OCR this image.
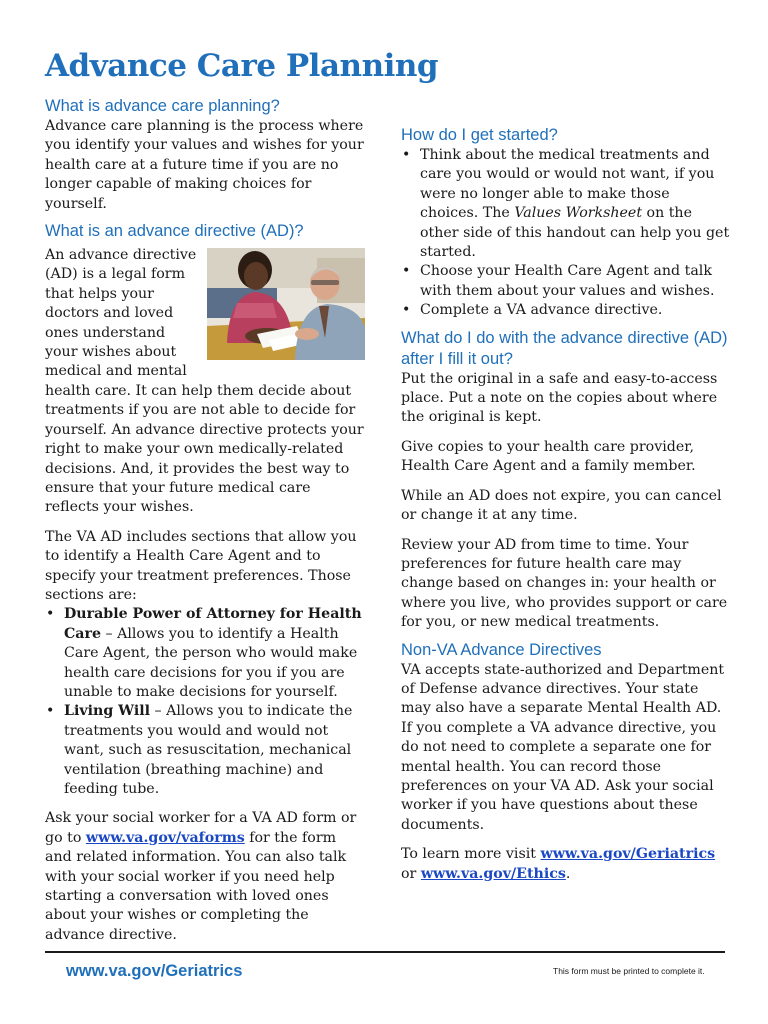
Advance Care Planning
What is advance care planning?

Advance care planning is the process where you identify your values and wishes for your health care at a future time if you are no longer capable of making choices for yourself.

What is an advance directive (AD)?

An advance directive (AD) is a legal form that helps your doctors and loved ones understand your wishes about medical and mental health care. It can help them decide about treatments if you are not able to decide for yourself. An advance directive protects your right to make your own medically-related decisions. And, it provides the best way to ensure that your future medical care reflects your wishes.

The VA AD includes sections that allow you to identify a Health Care Agent and to specify your treatment preferences. Those sections are:

• Durable Power of Attorney for Health Care – Allows you to identify a Health Care Agent, the person who would make health care decisions for you if you are unable to make decisions for yourself.
• Living Will – Allows you to indicate the treatments you would and would not want, such as resuscitation, mechanical ventilation (breathing machine) and feeding tube.

Ask your social worker for a VA AD form or go to www.va.gov/vaforms for the form and related information. You can also talk with your social worker if you need help starting a conversation with loved ones about your wishes or completing the advance directive.

How do I get started?
• Think about the medical treatments and care you would or would not want, if you were no longer able to make those choices. The Values Worksheet on the other side of this handout can help you get started.
• Choose your Health Care Agent and talk with them about your values and wishes.
• Complete a VA advance directive.
What do I do with the advance directive (AD) after I fill it out?

Put the original in a safe and easy-to-access place. Put a note on the copies about where the original is kept.

Give copies to your health care provider, Health Care Agent and a family member.

While an AD does not expire, you can cancel or change it at any time.

Review your AD from time to time. Your preferences for future health care may change based on changes in: your health or where you live, who provides support or care for you, or new medical treatments.

Non-VA Advance Directives

VA accepts state-authorized and Department of Defense advance directives. Your state may also have a separate Mental Health AD. If you complete a VA advance directive, you do not need to complete a separate one for mental health. You can record those preferences on your VA AD. Ask your social worker if you have questions about these documents.

To learn more visit www.va.gov/Geriatrics or www.va.gov/Ethics.

www.va.gov/Geriatrics	This form must be printed to complete it.
